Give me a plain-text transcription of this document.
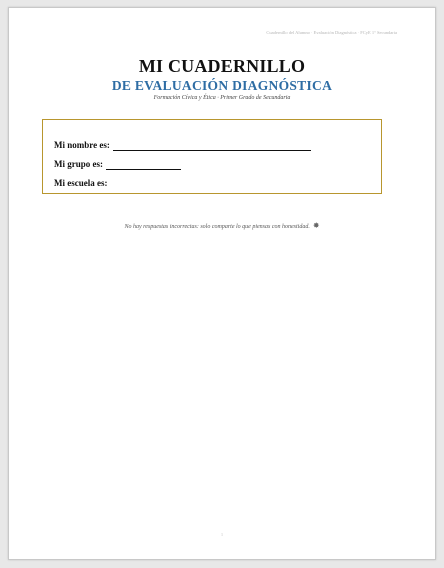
Cuadernillo del Alumno · Evaluación Diagnóstica · FCyE 1° Secundaria
MI CUADERNILLO
DE EVALUACIÓN DIAGNÓSTICA
Formación Cívica y Ética · Primer Grado de Secundaria
Mi nombre es:
Mi grupo es:
Mi escuela es:
No hay respuestas incorrectas: solo comparte lo que piensas con honestidad. ✸
1
